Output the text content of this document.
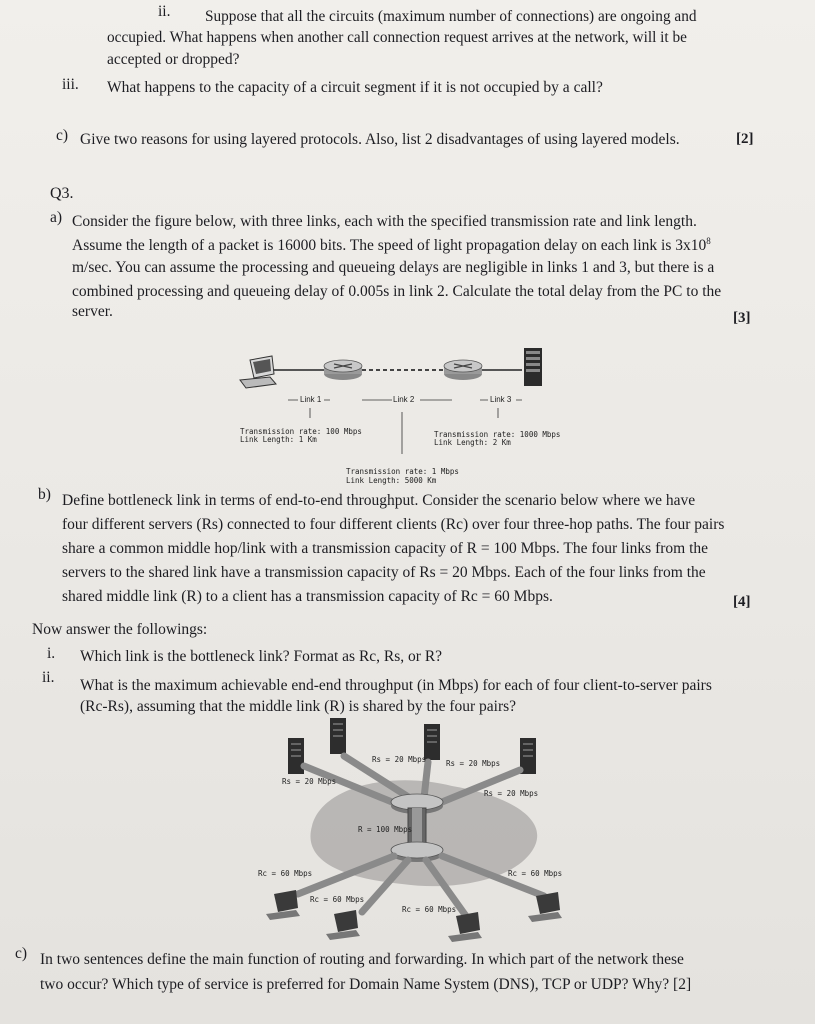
ii. Suppose that all the circuits (maximum number of connections) are ongoing and
occupied. What happens when another call connection request arrives at the network, will it be
accepted or dropped?
iii. What happens to the capacity of a circuit segment if it is not occupied by a call?
c) Give two reasons for using layered protocols. Also, list 2 disadvantages of using layered models.	[2]
Q3.
a) Consider the figure below, with three links, each with the specified transmission rate and link length.
Assume the length of a packet is 16000 bits. The speed of light propagation delay on each link is $3x10^8$
m/sec. You can assume the processing and queueing delays are negligible in links 1 and 3, but there is a
combined processing and queueing delay of 0.005s in link 2. Calculate the total delay from the PC to the
server.	[3]
Link 1	Link 2	Link 3
Transmission rate: 100 Mbps
Link Length: 1 Km
Transmission rate: 1000 Mbps
Link Length: 2 Km
Transmission rate: 1 Mbps
Link Length: 5000 Km
b) Define bottleneck link in terms of end-to-end throughput. Consider the scenario below where we have
four different servers (Rs) connected to four different clients (Rc) over four three-hop paths. The four pairs
share a common middle hop/link with a transmission capacity of R = 100 Mbps. The four links from the
servers to the shared link have a transmission capacity of Rs = 20 Mbps. Each of the four links from the
shared middle link (R) to a client has a transmission capacity of Rc = 60 Mbps.	[4]
Now answer the followings:
i. Which link is the bottleneck link? Format as Rc, Rs, or R?
ii. What is the maximum achievable end-end throughput (in Mbps) for each of four client-to-server pairs
(Rc-Rs), assuming that the middle link (R) is shared by the four pairs?
Rs = 20 Mbps
Rs = 20 Mbps	Rs = 20 Mbps
Rs = 20 Mbps
R = 100 Mbps
Rc = 60 Mbps
Rc = 60 Mbps
Rc = 60 Mbps
Rc = 60 Mbps
c) In two sentences define the main function of routing and forwarding. In which part of the network these
two occur? Which type of service is preferred for Domain Name System (DNS), TCP or UDP? Why? [2]
